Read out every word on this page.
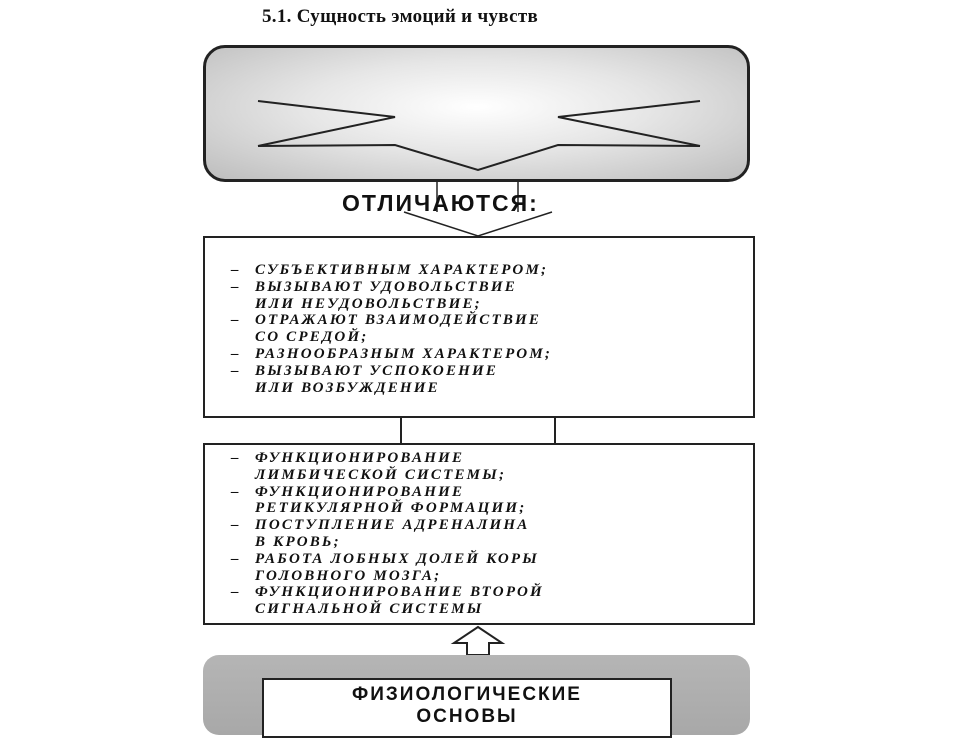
5.1. Сущность эмоций и чувств
ОТЛИЧАЮТСЯ:
– СУБЪЕКТИВНЫМ ХАРАКТЕРОМ;
– ВЫЗЫВАЮТ УДОВОЛЬСТВИЕ
ИЛИ НЕУДОВОЛЬСТВИЕ;
– ОТРАЖАЮТ ВЗАИМОДЕЙСТВИЕ
СО СРЕДОЙ;
– РАЗНООБРАЗНЫМ ХАРАКТЕРОМ;
– ВЫЗЫВАЮТ УСПОКОЕНИЕ
ИЛИ ВОЗБУЖДЕНИЕ
– ФУНКЦИОНИРОВАНИЕ
ЛИМБИЧЕСКОЙ СИСТЕМЫ;
– ФУНКЦИОНИРОВАНИЕ
РЕТИКУЛЯРНОЙ ФОРМАЦИИ;
– ПОСТУПЛЕНИЕ АДРЕНАЛИНА
В КРОВЬ;
– РАБОТА ЛОБНЫХ ДОЛЕЙ КОРЫ
ГОЛОВНОГО МОЗГА;
– ФУНКЦИОНИРОВАНИЕ ВТОРОЙ
СИГНАЛЬНОЙ СИСТЕМЫ
ФИЗИОЛОГИЧЕСКИЕ
ОСНОВЫ
